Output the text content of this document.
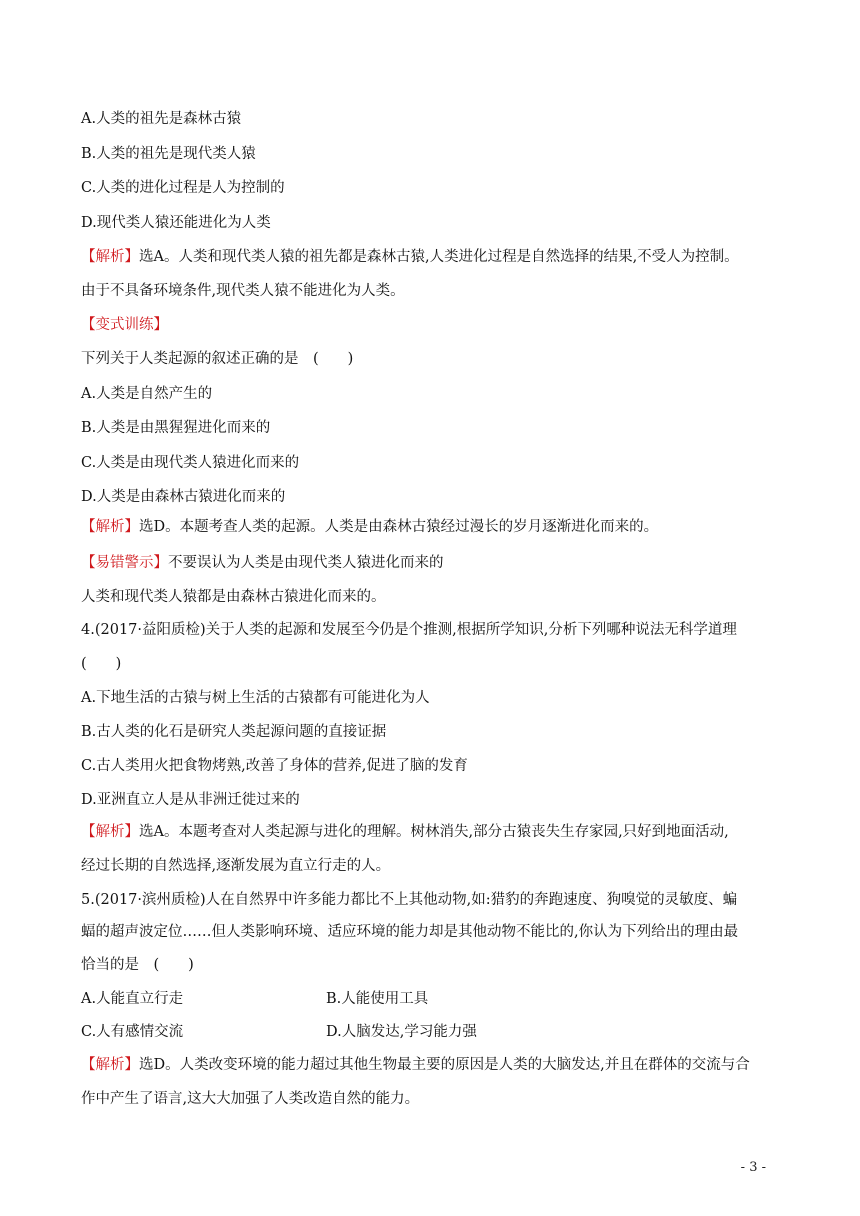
A.人类的祖先是森林古猿
B.人类的祖先是现代类人猿
C.人类的进化过程是人为控制的
D.现代类人猿还能进化为人类
【解析】选A。人类和现代类人猿的祖先都是森林古猿,人类进化过程是自然选择的结果,不受人为控制。
由于不具备环境条件,现代类人猿不能进化为人类。
【变式训练】
下列关于人类起源的叙述正确的是　(　　)
A.人类是自然产生的
B.人类是由黑猩猩进化而来的
C.人类是由现代类人猿进化而来的
D.人类是由森林古猿进化而来的
【解析】选D。本题考查人类的起源。人类是由森林古猿经过漫长的岁月逐渐进化而来的。
【易错警示】不要误认为人类是由现代类人猿进化而来的
人类和现代类人猿都是由森林古猿进化而来的。
4.(2017·益阳质检)关于人类的起源和发展至今仍是个推测,根据所学知识,分析下列哪种说法无科学道理
(　　)
A.下地生活的古猿与树上生活的古猿都有可能进化为人
B.古人类的化石是研究人类起源问题的直接证据
C.古人类用火把食物烤熟,改善了身体的营养,促进了脑的发育
D.亚洲直立人是从非洲迁徙过来的
【解析】选A。本题考查对人类起源与进化的理解。树林消失,部分古猿丧失生存家园,只好到地面活动,
经过长期的自然选择,逐渐发展为直立行走的人。
5.(2017·滨州质检)人在自然界中许多能力都比不上其他动物,如:猎豹的奔跑速度、狗嗅觉的灵敏度、蝙
蝠的超声波定位……但人类影响环境、适应环境的能力却是其他动物不能比的,你认为下列给出的理由最
恰当的是　(　　)
A.人能直立行走	B.人能使用工具
C.人有感情交流	D.人脑发达,学习能力强
【解析】选D。人类改变环境的能力超过其他生物最主要的原因是人类的大脑发达,并且在群体的交流与合
作中产生了语言,这大大加强了人类改造自然的能力。
- 3 -
